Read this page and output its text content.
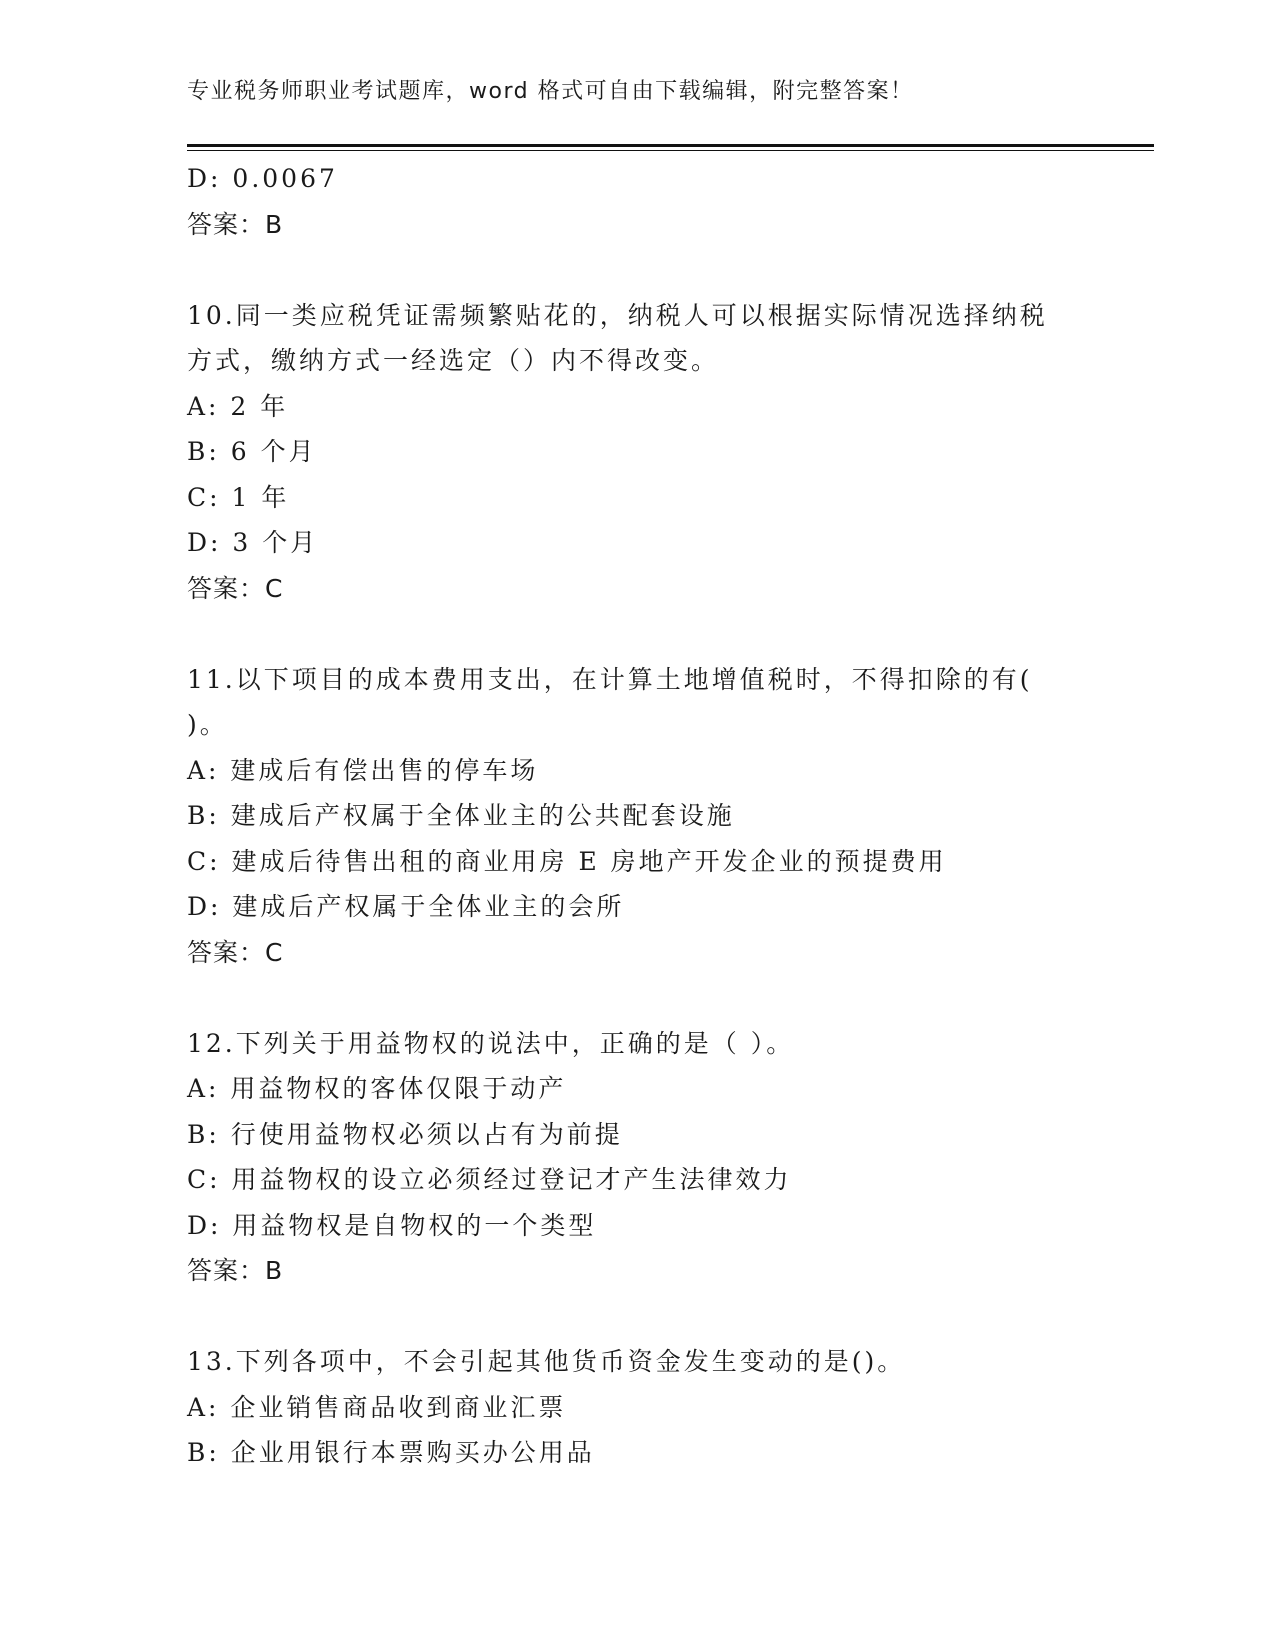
专业税务师职业考试题库，word 格式可自由下载编辑，附完整答案！
D: 0.0067
答案：B
10.同一类应税凭证需频繁贴花的，纳税人可以根据实际情况选择纳税
方式，缴纳方式一经选定（）内不得改变。
A: 2 年
B: 6 个月
C: 1 年
D: 3 个月
答案：C
11.以下项目的成本费用支出，在计算土地增值税时，不得扣除的有(
)。
A: 建成后有偿出售的停车场
B: 建成后产权属于全体业主的公共配套设施
C: 建成后待售出租的商业用房 E 房地产开发企业的预提费用
D: 建成后产权属于全体业主的会所
答案：C
12.下列关于用益物权的说法中，正确的是（ ）。
A: 用益物权的客体仅限于动产
B: 行使用益物权必须以占有为前提
C: 用益物权的设立必须经过登记才产生法律效力
D: 用益物权是自物权的一个类型
答案：B
13.下列各项中，不会引起其他货币资金发生变动的是()。
A: 企业销售商品收到商业汇票
B: 企业用银行本票购买办公用品
